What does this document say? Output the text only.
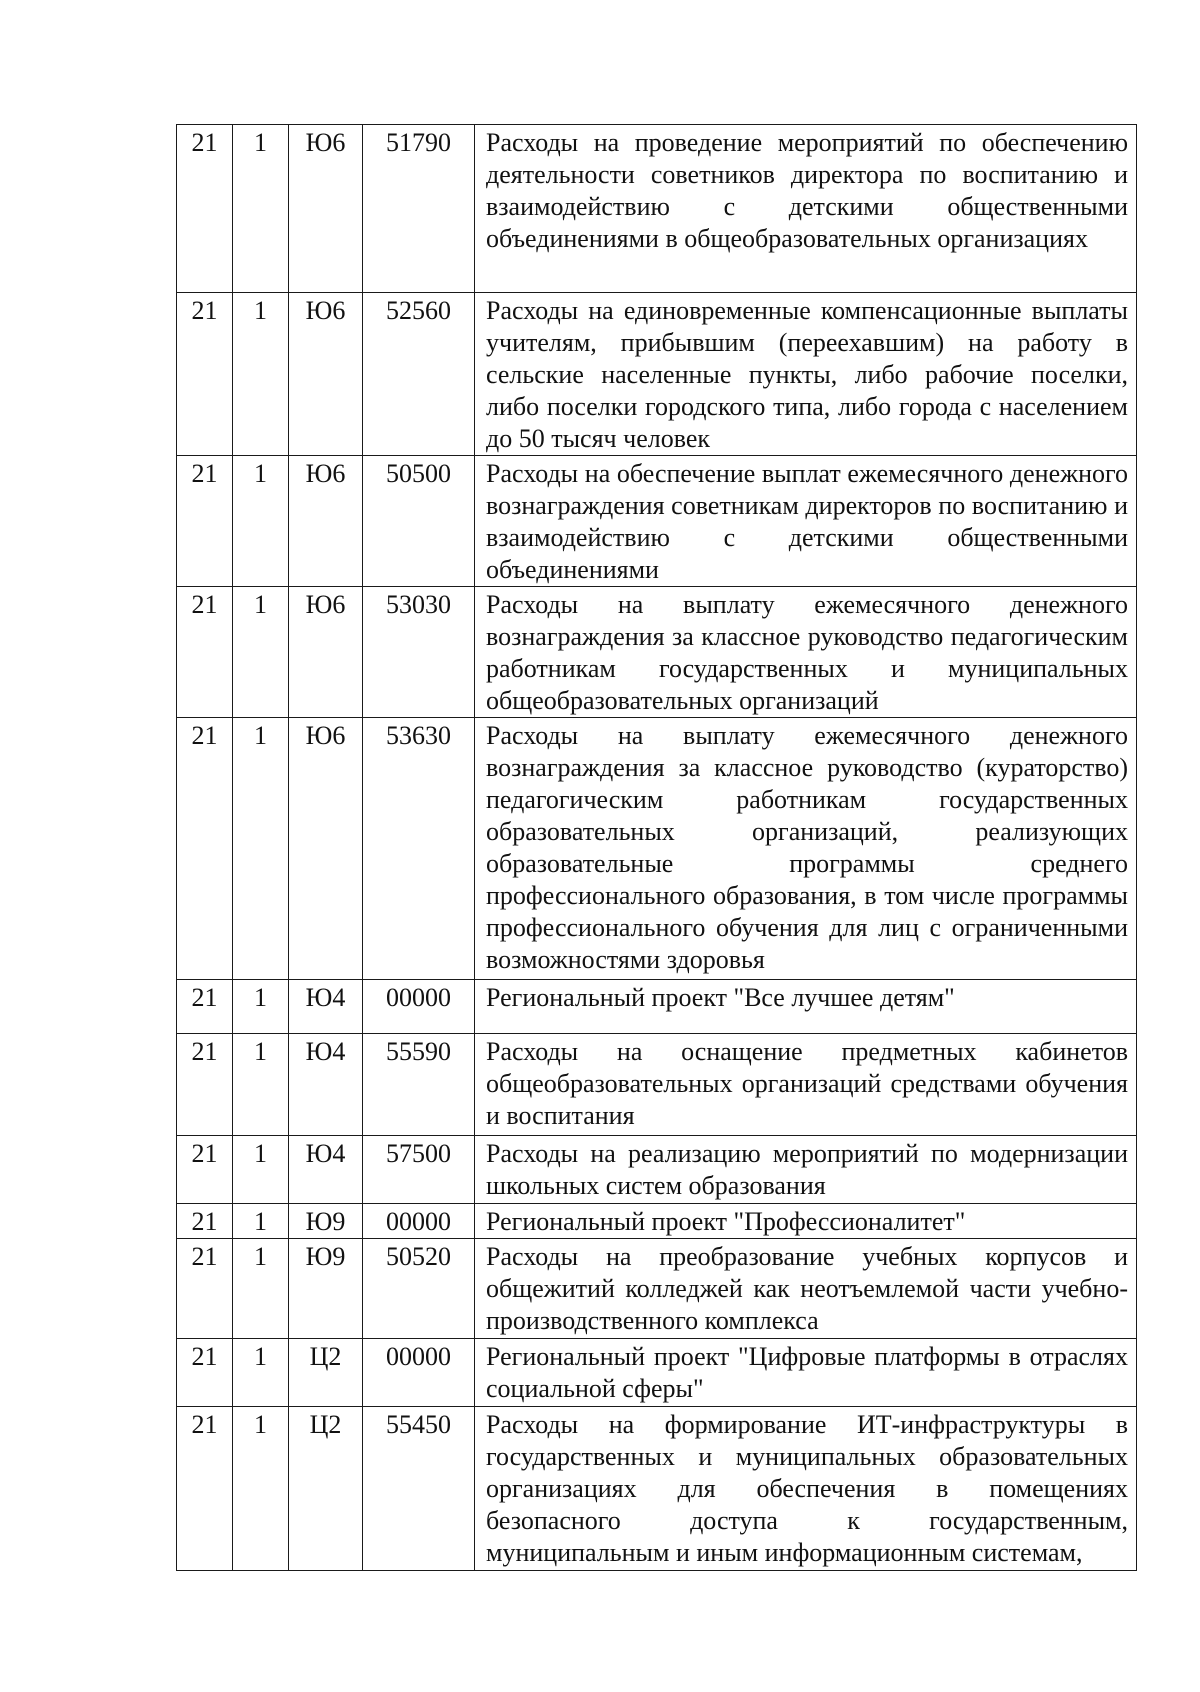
21	1	Ю6	51790	Расходы на проведение мероприятий по обеспечению деятельности советников директора по воспитанию и взаимодействию с детскими общественными объединениями в общеобразовательных организациях
21	1	Ю6	52560	Расходы на единовременные компенсационные выплаты учителям, прибывшим (переехавшим) на работу в сельские населенные пункты, либо рабочие поселки, либо поселки городского типа, либо города с населением до 50 тысяч человек
21	1	Ю6	50500	Расходы на обеспечение выплат ежемесячного денежного вознаграждения советникам директоров по воспитанию и взаимодействию с детскими общественными объединениями
21	1	Ю6	53030	Расходы на выплату ежемесячного денежного вознаграждения за классное руководство педагогическим работникам государственных и муниципальных общеобразовательных организаций
21	1	Ю6	53630	Расходы на выплату ежемесячного денежного вознаграждения за классное руководство (кураторство) педагогическим работникам государственных образовательных организаций, реализующих образовательные программы среднего профессионального образования, в том числе программы профессионального обучения для лиц с ограниченными возможностями здоровья
21	1	Ю4	00000	Региональный проект "Все лучшее детям"
21	1	Ю4	55590	Расходы на оснащение предметных кабинетов общеобразовательных организаций средствами обучения и воспитания
21	1	Ю4	57500	Расходы на реализацию мероприятий по модернизации школьных систем образования
21	1	Ю9	00000	Региональный проект "Профессионалитет"
21	1	Ю9	50520	Расходы на преобразование учебных корпусов и общежитий колледжей как неотъемлемой части учебно-производственного комплекса
21	1	Ц2	00000	Региональный проект "Цифровые платформы в отраслях социальной сферы"
21	1	Ц2	55450	Расходы на формирование ИТ-инфраструктуры в государственных и муниципальных образовательных организациях для обеспечения в помещениях безопасного доступа к государственным, муниципальным и иным информационным системам,
